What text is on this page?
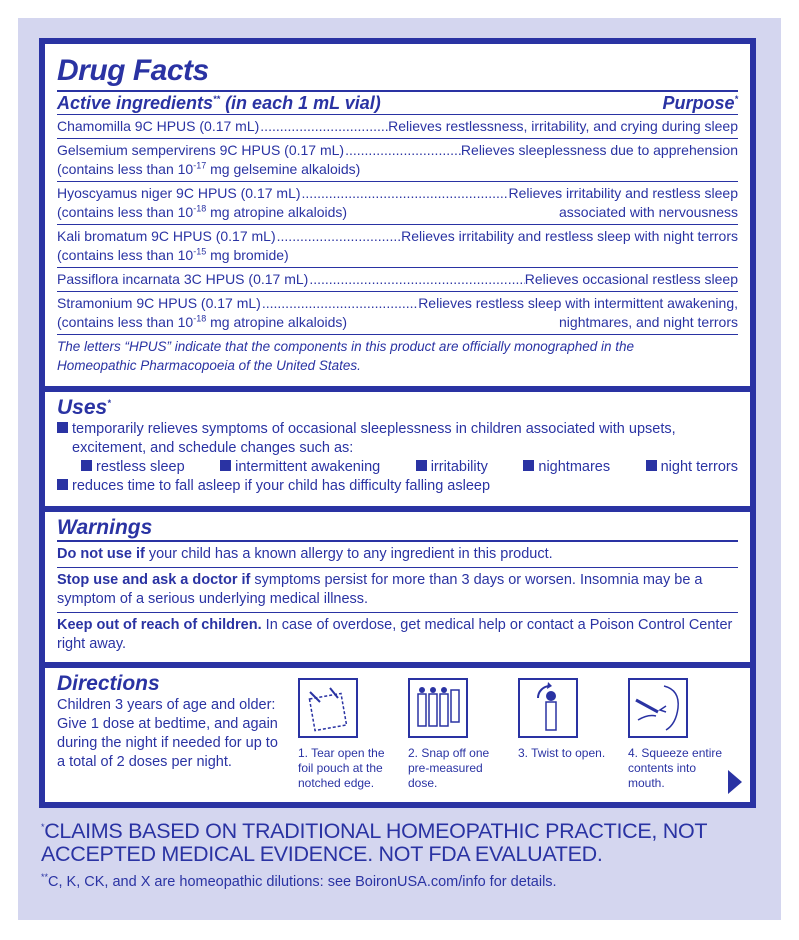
Drug Facts
Active ingredients** (in each 1 mL vial)	Purpose*
Chamomilla 9C HPUS (0.17 mL) .....	Relieves restlessness, irritability, and crying during sleep
Gelsemium sempervirens 9C HPUS (0.17 mL) .....	Relieves sleeplessness due to apprehension
(contains less than $10^{-17}$ mg gelsemine alkaloids)
Hyoscyamus niger 9C HPUS (0.17 mL) .....	Relieves irritability and restless sleep
(contains less than $10^{-18}$ mg atropine alkaloids)	associated with nervousness
Kali bromatum 9C HPUS (0.17 mL) .....	Relieves irritability and restless sleep with night terrors
(contains less than $10^{-15}$ mg bromide)
Passiflora incarnata 3C HPUS (0.17 mL) .....	Relieves occasional restless sleep
Stramonium 9C HPUS (0.17 mL) .....	Relieves restless sleep with intermittent awakening,
(contains less than $10^{-18}$ mg atropine alkaloids)	nightmares, and night terrors
The letters “HPUS” indicate that the components in this product are officially monographed in the
Homeopathic Pharmacopoeia of the United States.
Uses*
temporarily relieves symptoms of occasional sleeplessness in children associated with upsets,
excitement, and schedule changes such as:
restless sleep	intermittent awakening	irritability	nightmares	night terrors
reduces time to fall asleep if your child has difficulty falling asleep
Warnings
Do not use if your child has a known allergy to any ingredient in this product.
Stop use and ask a doctor if symptoms persist for more than 3 days or worsen. Insomnia may be a symptom of a serious underlying medical illness.
Keep out of reach of children. In case of overdose, get medical help or contact a Poison Control Center right away.
Directions
Children 3 years of age and older: Give 1 dose at bedtime, and again during the night if needed for up to a total of 2 doses per night.
1. Tear open the foil pouch at the notched edge.
2. Snap off one pre-measured dose.
3. Twist to open.	4. Squeeze entire contents into mouth.
*CLAIMS BASED ON TRADITIONAL HOMEOPATHIC PRACTICE, NOT ACCEPTED MEDICAL EVIDENCE. NOT FDA EVALUATED.
**C, K, CK, and X are homeopathic dilutions: see BoironUSA.com/info for details.
